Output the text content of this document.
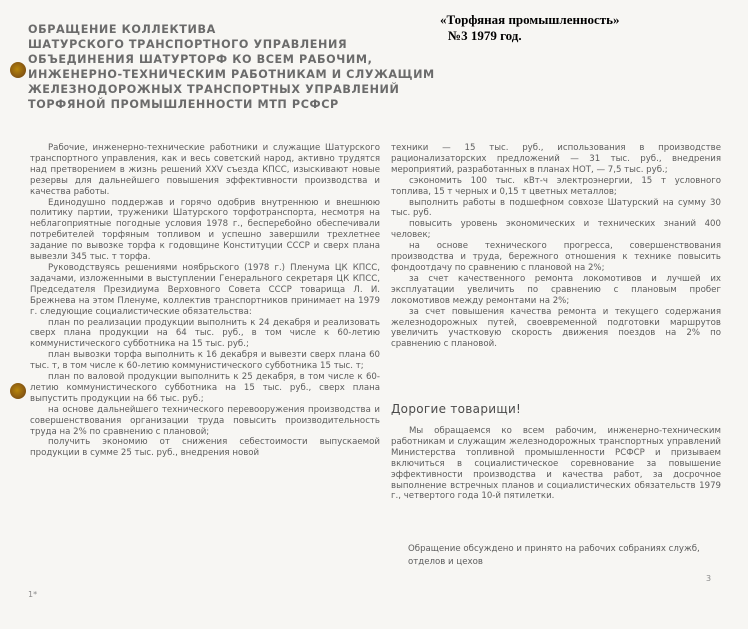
«Торфяная промышленность»
№3 1979 год.
ОБРАЩЕНИЕ КОЛЛЕКТИВА
ШАТУРСКОГО ТРАНСПОРТНОГО УПРАВЛЕНИЯ
ОБЪЕДИНЕНИЯ ШАТУРТОРФ КО ВСЕМ РАБОЧИМ,
ИНЖЕНЕРНО-ТЕХНИЧЕСКИМ РАБОТНИКАМ И СЛУЖАЩИМ
ЖЕЛЕЗНОДОРОЖНЫХ ТРАНСПОРТНЫХ УПРАВЛЕНИЙ
ТОРФЯНОЙ ПРОМЫШЛЕННОСТИ МТП РСФСР

Рабочие, инженерно-технические работники и служащие Шатурского транспортного управления, как и весь советский народ, активно трудятся над претворением в жизнь решений XXV съезда КПСС, изыскивают новые резервы для дальнейшего повышения эффективности производства и качества работы.

Единодушно поддержав и горячо одобрив внутреннюю и внешнюю политику партии, труженики Шатурского торфотранспорта, несмотря на неблагоприятные погодные условия 1978 г., бесперебойно обеспечивали потребителей торфяным топливом и успешно завершили трехлетнее задание по вывозке торфа к годовщине Конституции СССР и сверх плана вывезли 345 тыс. т торфа.

Руководствуясь решениями ноябрьского (1978 г.) Пленума ЦК КПСС, задачами, изложенными в выступлении Генерального секретаря ЦК КПСС, Председателя Президиума Верховного Совета СССР товарища Л. И. Брежнева на этом Пленуме, коллектив транспортников принимает на 1979 г. следующие социалистические обязательства:

план по реализации продукции выполнить к 24 декабря и реализовать сверх плана продукции на 64 тыс. руб., в том числе к 60-летию коммунистического субботника на 15 тыс. руб.;

план вывозки торфа выполнить к 16 декабря и вывезти сверх плана 60 тыс. т, в том числе к 60-летию коммунистического субботника 15 тыс. т;

план по валовой продукции выполнить к 25 декабря, в том числе к 60-летию коммунистического субботника на 15 тыс. руб., сверх плана выпустить продукции на 66 тыс. руб.;

на основе дальнейшего технического перевооружения производства и совершенствования организации труда повысить производительность труда на 2% по сравнению с плановой;

получить экономию от снижения себестоимости выпускаемой продукции в сумме 25 тыс. руб., внедрения новой

техники — 15 тыс. руб., использования в производстве рационализаторских предложений — 31 тыс. руб., внедрения мероприятий, разработанных в планах НОТ, — 7,5 тыс. руб.;

сэкономить 100 тыс. кВт-ч электроэнергии, 15 т условного топлива, 15 т черных и 0,15 т цветных металлов;

выполнить работы в подшефном совхозе Шатурский на сумму 30 тыс. руб.

повысить уровень экономических и технических знаний 400 человек;

на основе технического прогресса, совершенствования производства и труда, бережного отношения к технике повысить фондоотдачу по сравнению с плановой на 2%;

за счет качественного ремонта локомотивов и лучшей их эксплуатации увеличить по сравнению с плановым пробег локомотивов между ремонтами на 2%;

за счет повышения качества ремонта и текущего содержания железнодорожных путей, своевременной подготовки маршрутов увеличить участковую скорость движения поездов на 2% по сравнению с плановой.

Дорогие товарищи!

Мы обращаемся ко всем рабочим, инженерно-техническим работникам и служащим железнодорожных транспортных управлений Министерства топливной промышленности РСФСР и призываем включиться в социалистическое соревнование за повышение эффективности производства и качества работ, за досрочное выполнение встречных планов и социалистических обязательств 1979 г., четвертого года 10-й пятилетки.

Обращение обсуждено и принято на рабочих собраниях служб, отделов и цехов
1*
3
